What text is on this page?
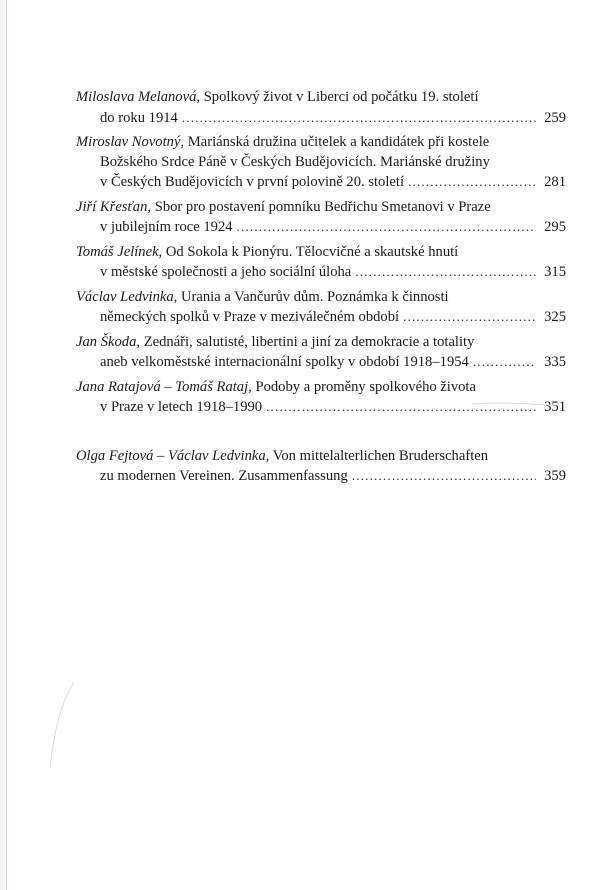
Miloslava Melanová, Spolkový život v Liberci od počátku 19. století
do roku 1914 .....	259
Miroslav Novotný, Mariánská družina učitelek a kandidátek při kostele
Božského Srdce Páně v Českých Budějovicích. Mariánské družiny
v Českých Budějovicích v první polovině 20. století .....	281
Jiří Křesťan, Sbor pro postavení pomníku Bedřichu Smetanovi v Praze
v jubilejním roce 1924 .....	295
Tomáš Jelínek, Od Sokola k Pionýru. Tělocvičné a skautské hnutí
v městské společnosti a jeho sociální úloha .....	315
Václav Ledvinka, Urania a Vančurův dům. Poznámka k činnosti
německých spolků v Praze v meziválečném období .....	325
Jan Škoda, Zednáři, salutisté, libertini a jiní za demokracie a totality
aneb velkoměstské internacionální spolky v období 1918–1954 .....	335
Jana Ratajová – Tomáš Rataj, Podoby a proměny spolkového života
v Praze v letech 1918–1990 .....	351
Olga Fejtová – Václav Ledvinka, Von mittelalterlichen Bruderschaften
zu modernen Vereinen. Zusammenfassung .....	359
